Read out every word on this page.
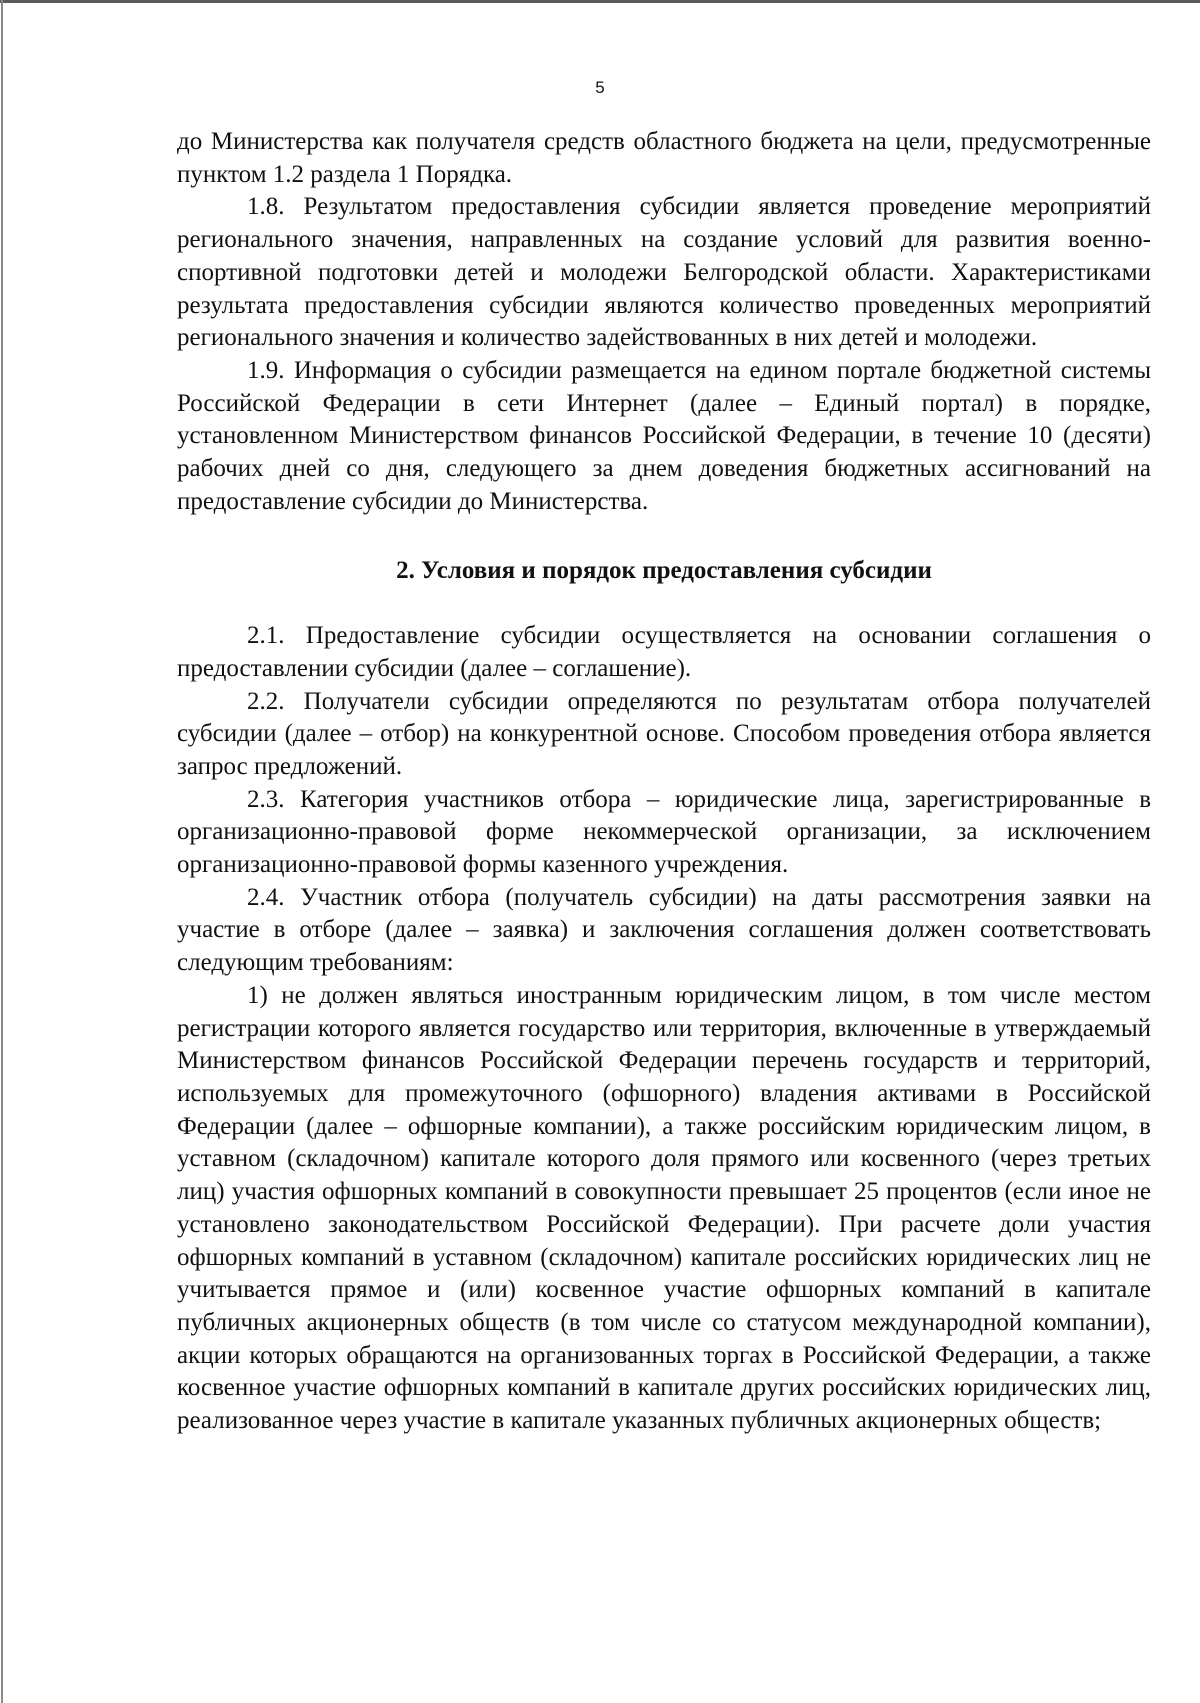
5

до Министерства как получателя средств областного бюджета на цели, предусмотренные пунктом 1.2 раздела 1 Порядка.

1.8. Результатом предоставления субсидии является проведение мероприятий регионального значения, направленных на создание условий для развития военно-спортивной подготовки детей и молодежи Белгородской области. Характеристиками результата предоставления субсидии являются количество проведенных мероприятий регионального значения и количество задействованных в них детей и молодежи.

1.9. Информация о субсидии размещается на едином портале бюджетной системы Российской Федерации в сети Интернет (далее – Единый портал) в порядке, установленном Министерством финансов Российской Федерации, в течение 10 (десяти) рабочих дней со дня, следующего за днем доведения бюджетных ассигнований на предоставление субсидии до Министерства.

2. Условия и порядок предоставления субсидии

2.1. Предоставление субсидии осуществляется на основании соглашения о предоставлении субсидии (далее – соглашение).

2.2. Получатели субсидии определяются по результатам отбора получателей субсидии (далее – отбор) на конкурентной основе. Способом проведения отбора является запрос предложений.

2.3. Категория участников отбора – юридические лица, зарегистрированные в организационно-правовой форме некоммерческой организации, за исключением организационно-правовой формы казенного учреждения.

2.4. Участник отбора (получатель субсидии) на даты рассмотрения заявки на участие в отборе (далее – заявка) и заключения соглашения должен соответствовать следующим требованиям:

1) не должен являться иностранным юридическим лицом, в том числе местом регистрации которого является государство или территория, включенные в утверждаемый Министерством финансов Российской Федерации перечень государств и территорий, используемых для промежуточного (офшорного) владения активами в Российской Федерации (далее – офшорные компании), а также российским юридическим лицом, в уставном (складочном) капитале которого доля прямого или косвенного (через третьих лиц) участия офшорных компаний в совокупности превышает 25 процентов (если иное не установлено законодательством Российской Федерации). При расчете доли участия офшорных компаний в уставном (складочном) капитале российских юридических лиц не учитывается прямое и (или) косвенное участие офшорных компаний в капитале публичных акционерных обществ (в том числе со статусом международной компании), акции которых обращаются на организованных торгах в Российской Федерации, а также косвенное участие офшорных компаний в капитале других российских юридических лиц, реализованное через участие в капитале указанных публичных акционерных обществ;
